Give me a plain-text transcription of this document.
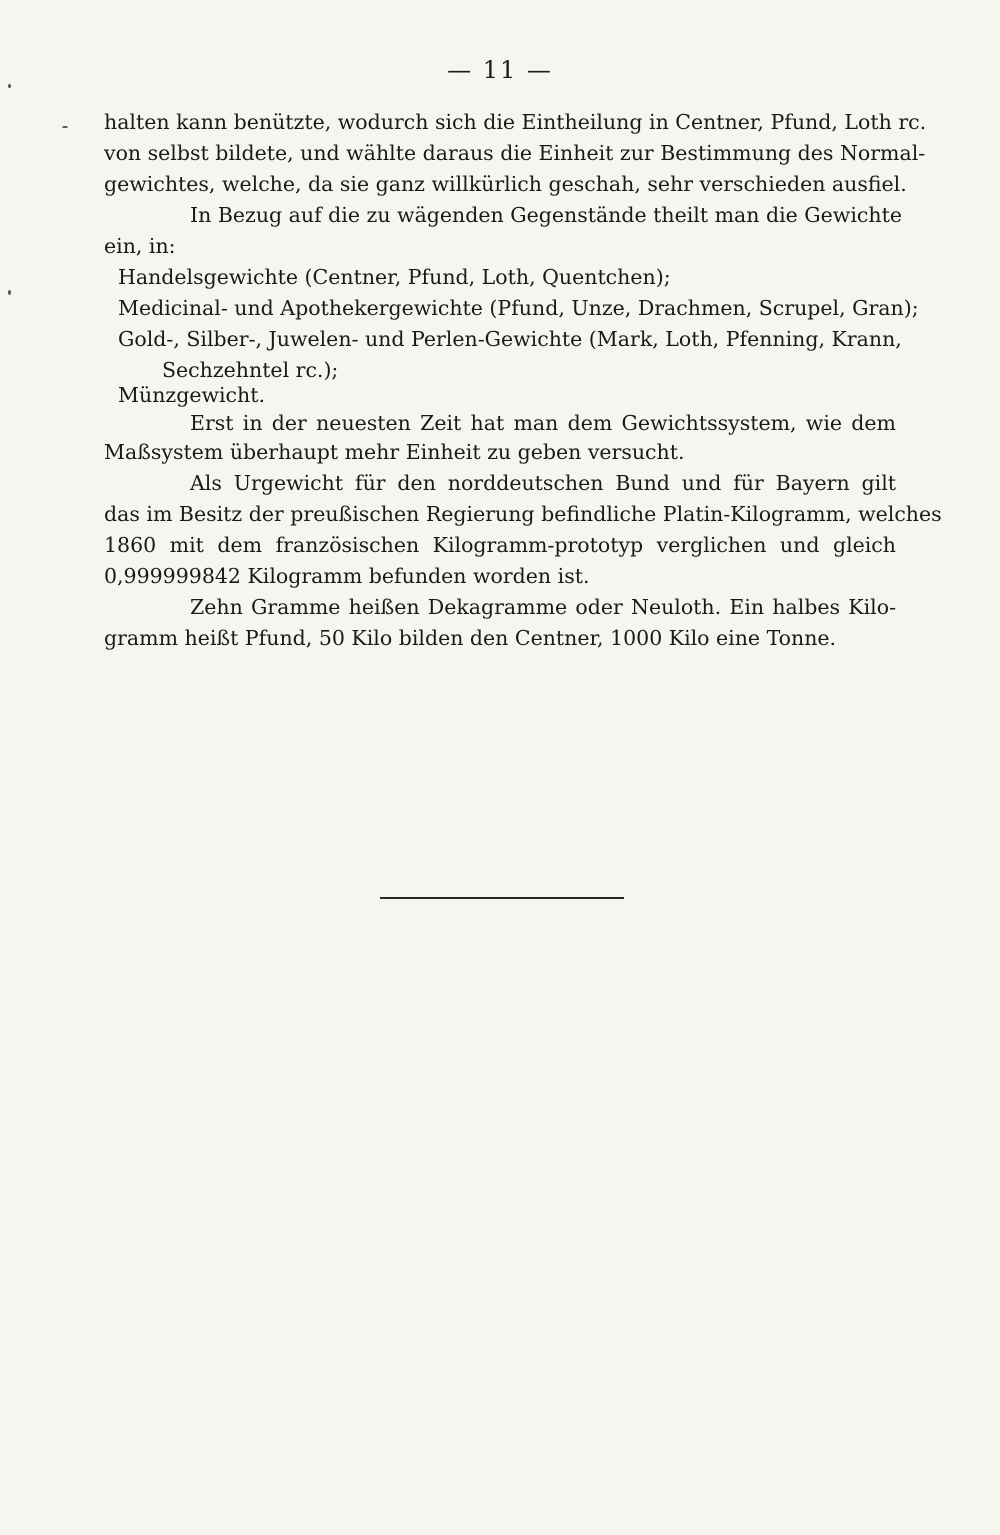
— 11 —
halten kann benützte, wodurch sich die Eintheilung in Centner, Pfund, Loth rc.
von selbst bildete, und wählte daraus die Einheit zur Bestimmung des Normal-
gewichtes, welche, da sie ganz willkürlich geschah, sehr verschieden ausfiel.
In Bezug auf die zu wägenden Gegenstände theilt man die Gewichte
ein, in:
Handelsgewichte (Centner, Pfund, Loth, Quentchen);
Medicinal- und Apothekergewichte (Pfund, Unze, Drachmen, Scrupel, Gran);
Gold-, Silber-, Juwelen- und Perlen-Gewichte (Mark, Loth, Pfenning, Krann,
Sechzehntel rc.);
Münzgewicht.
Erst in der neuesten Zeit hat man dem Gewichtssystem, wie dem
Maßsystem überhaupt mehr Einheit zu geben versucht.
Als Urgewicht für den norddeutschen Bund und für Bayern gilt
das im Besitz der preußischen Regierung befindliche Platin-Kilogramm, welches
1860 mit dem französischen Kilogramm-prototyp verglichen und gleich
0,999999842 Kilogramm befunden worden ist.
Zehn Gramme heißen Dekagramme oder Neuloth. Ein halbes Kilo-
gramm heißt Pfund, 50 Kilo bilden den Centner, 1000 Kilo eine Tonne.
